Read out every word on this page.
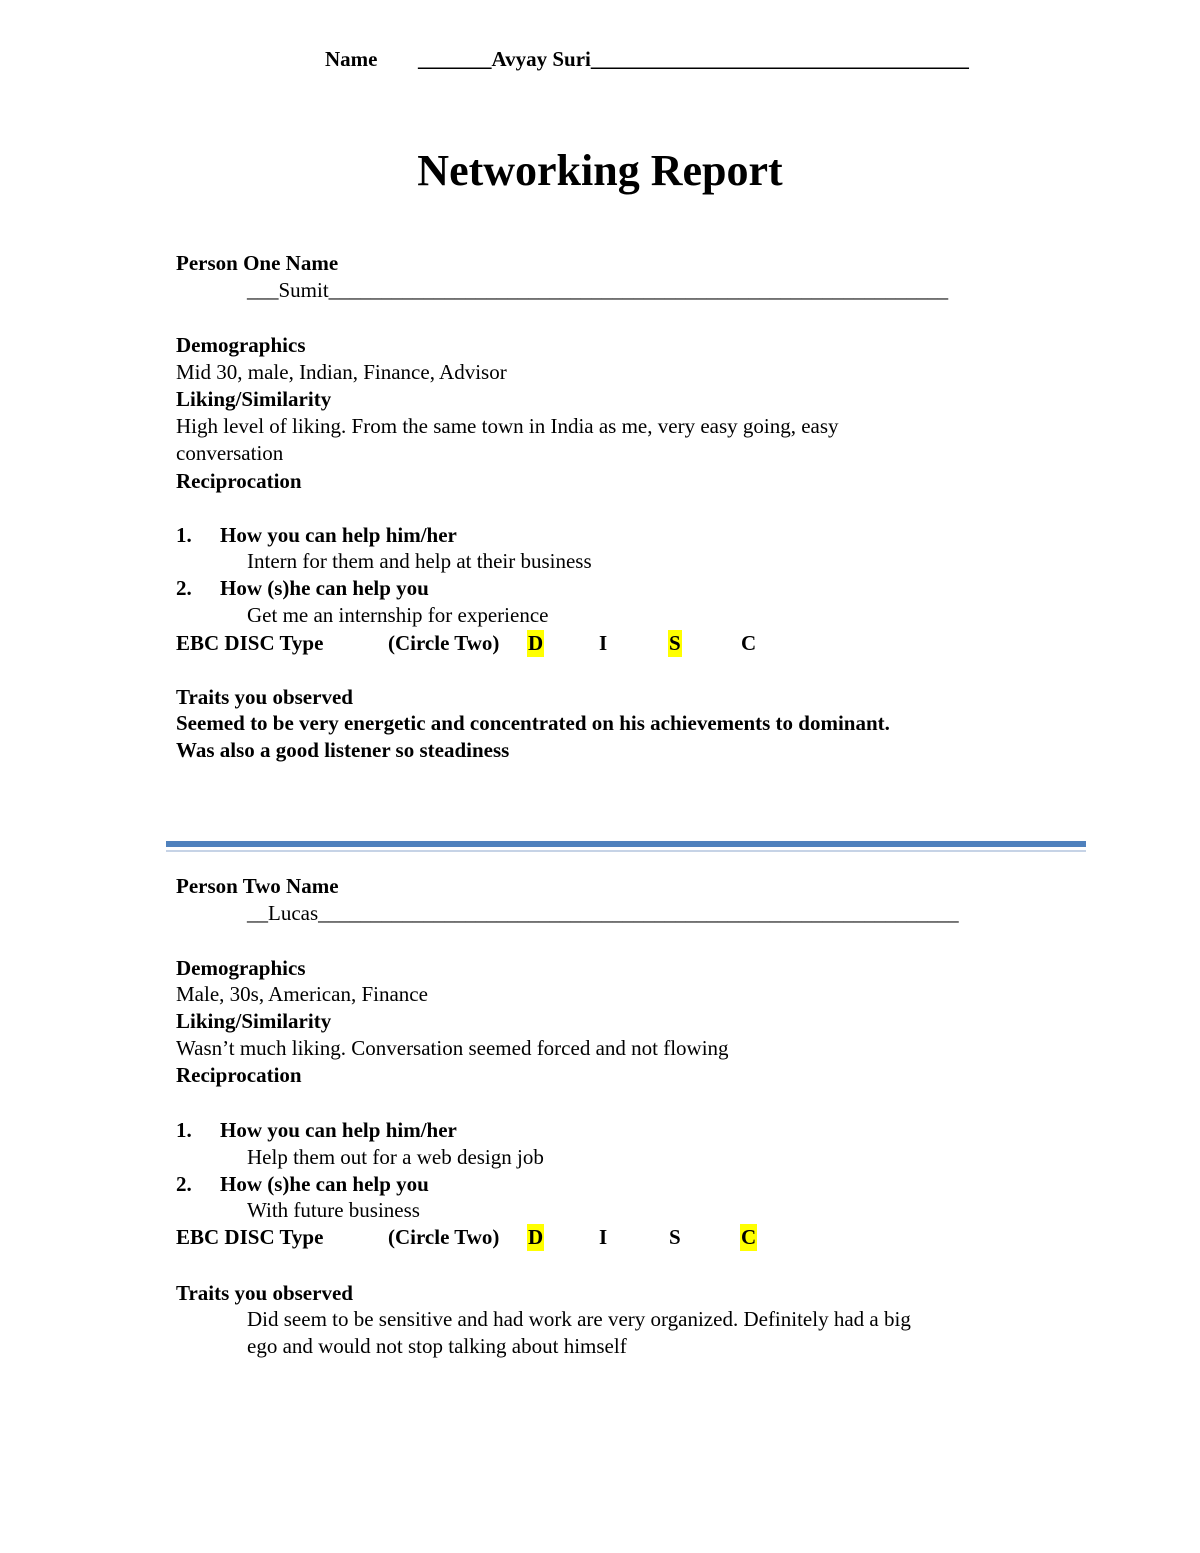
Name _______Avyay Suri____________________________________
Networking Report
Person One Name
___Sumit___________________________________________________________
Demographics
Mid 30, male, Indian, Finance, Advisor
Liking/Similarity
High level of liking. From the same town in India as me, very easy going, easy
conversation
Reciprocation
1. How you can help him/her
Intern for them and help at their business
2. How (s)he can help you
Get me an internship for experience
EBC DISC Type	(Circle Two) D	I	S	C
Traits you observed
Seemed to be very energetic and concentrated on his achievements to dominant.
Was also a good listener so steadiness
Person Two Name
__Lucas_____________________________________________________________
Demographics
Male, 30s, American, Finance
Liking/Similarity
Wasn’t much liking. Conversation seemed forced and not flowing
Reciprocation
1. How you can help him/her
Help them out for a web design job
2. How (s)he can help you
With future business
EBC DISC Type	(Circle Two) D	I	S	C
Traits you observed
Did seem to be sensitive and had work are very organized. Definitely had a big
ego and would not stop talking about himself
